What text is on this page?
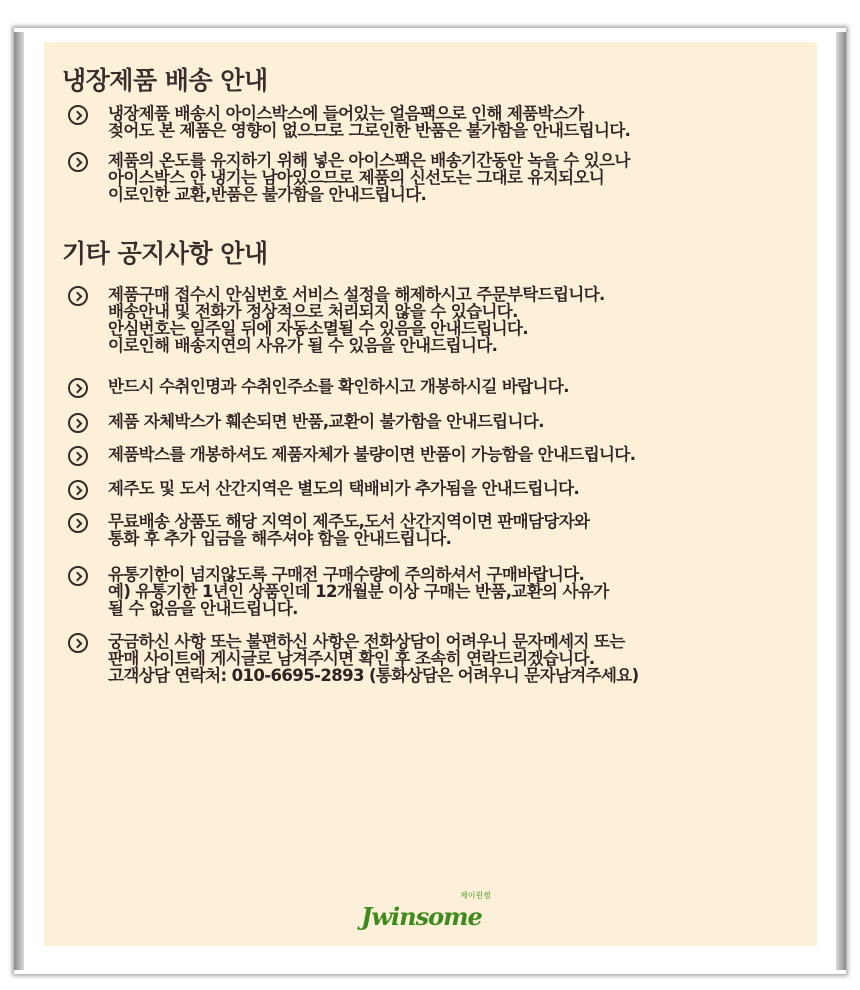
냉장제품 배송 안내
냉장제품 배송시 아이스박스에 들어있는 얼음팩으로 인해 제품박스가
젖어도 본 제품은 영향이 없으므로 그로인한 반품은 불가함을 안내드립니다.
제품의 온도를 유지하기 위해 넣은 아이스팩은 배송기간동안 녹을 수 있으나
아이스박스 안 냉기는 남아있으므로 제품의 신선도는 그대로 유지되오니
이로인한 교환,반품은 불가함을 안내드립니다.
기타 공지사항 안내
제품구매 접수시 안심번호 서비스 설정을 해제하시고 주문부탁드립니다.
배송안내 및 전화가 정상적으로 처리되지 않을 수 있습니다.
안심번호는 일주일 뒤에 자동소멸될 수 있음을 안내드립니다.
이로인해 배송지연의 사유가 될 수 있음을 안내드립니다.
반드시 수취인명과 수취인주소를 확인하시고 개봉하시길 바랍니다.
제품 자체박스가 훼손되면 반품,교환이 불가함을 안내드립니다.
제품박스를 개봉하셔도 제품자체가 불량이면 반품이 가능함을 안내드립니다.
제주도 및 도서 산간지역은 별도의 택배비가 추가됨을 안내드립니다.
무료배송 상품도 해당 지역이 제주도,도서 산간지역이면 판매담당자와
통화 후 추가 입금을 해주셔야 함을 안내드립니다.
유통기한이 넘지않도록 구매전 구매수량에 주의하셔서 구매바랍니다.
예) 유통기한 1년인 상품인데 12개월분 이상 구매는 반품,교환의 사유가
될 수 없음을 안내드립니다.
궁금하신 사항 또는 불편하신 사항은 전화상담이 어려우니 문자메세지 또는
판매 사이트에 게시글로 남겨주시면 확인 후 조속히 연락드리겠습니다.
고객상담 연락처: 010-6695-2893 (통화상담은 어려우니 문자남겨주세요)
제이윈썸
Jwinsome
